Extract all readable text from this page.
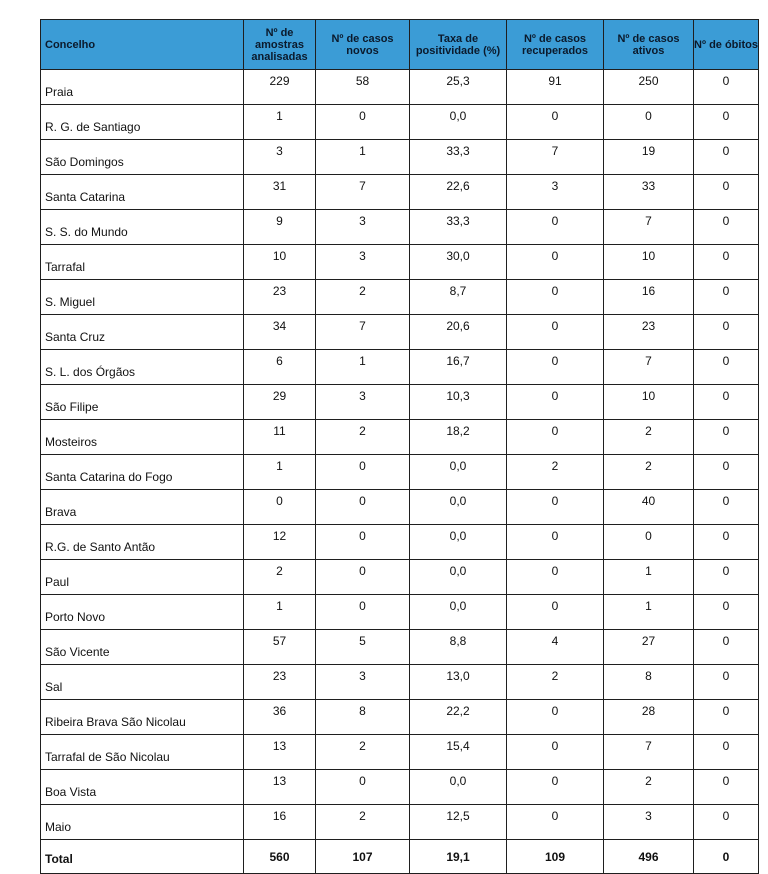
Concelho	Nº de amostras analisadas	Nº de casos novos	Taxa de positividade (%)	Nº de casos recuperados	Nº de casos ativos	Nº de óbitos
Praia	229	58	25,3	91	250	0
R. G. de Santiago	1	0	0,0	0	0	0
São Domingos	3	1	33,3	7	19	0
Santa Catarina	31	7	22,6	3	33	0
S. S. do Mundo	9	3	33,3	0	7	0
Tarrafal	10	3	30,0	0	10	0
S. Miguel	23	2	8,7	0	16	0
Santa Cruz	34	7	20,6	0	23	0
S. L. dos Órgãos	6	1	16,7	0	7	0
São Filipe	29	3	10,3	0	10	0
Mosteiros	11	2	18,2	0	2	0
Santa Catarina do Fogo	1	0	0,0	2	2	0
Brava	0	0	0,0	0	40	0
R.G. de Santo Antão	12	0	0,0	0	0	0
Paul	2	0	0,0	0	1	0
Porto Novo	1	0	0,0	0	1	0
São Vicente	57	5	8,8	4	27	0
Sal	23	3	13,0	2	8	0
Ribeira Brava São Nicolau	36	8	22,2	0	28	0
Tarrafal de São Nicolau	13	2	15,4	0	7	0
Boa Vista	13	0	0,0	0	2	0
Maio	16	2	12,5	0	3	0
Total	560	107	19,1	109	496	0
